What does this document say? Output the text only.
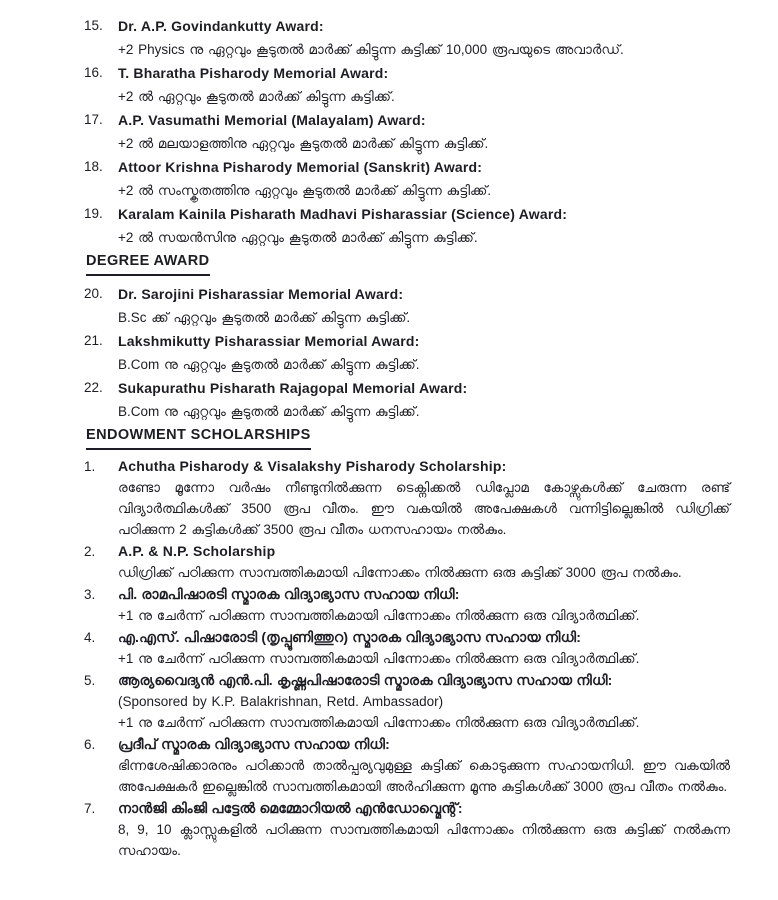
15.	Dr. A.P. Govindankutty Award:

+2 Physics നു ഏറ്റവും കൂടുതൽ മാർക്ക് കിട്ടുന്ന കുട്ടിക്ക് 10,000 രൂപയുടെ അവാർഡ്.

16.	T. Bharatha Pisharody Memorial Award:

+2 ൽ ഏറ്റവും കൂടുതൽ മാർക്ക് കിട്ടുന്ന കുട്ടിക്ക്.

17.	A.P. Vasumathi Memorial (Malayalam) Award:

+2 ൽ മലയാളത്തിനു ഏറ്റവും കൂടുതൽ മാർക്ക് കിട്ടുന്ന കുട്ടിക്ക്.

18.	Attoor Krishna Pisharody Memorial (Sanskrit) Award:

+2 ൽ സംസ്കൃതത്തിനു ഏറ്റവും കൂടുതൽ മാർക്ക് കിട്ടുന്ന കുട്ടിക്ക്.

19.	Karalam Kainila Pisharath Madhavi Pisharassiar (Science) Award:

+2 ൽ സയൻസിനു ഏറ്റവും കൂടുതൽ മാർക്ക് കിട്ടുന്ന കുട്ടിക്ക്.

DEGREE AWARD
20.	Dr. Sarojini Pisharassiar Memorial Award:

B.Sc ക്ക് ഏറ്റവും കൂടുതൽ മാർക്ക് കിട്ടുന്ന കുട്ടിക്ക്.

21.	Lakshmikutty Pisharassiar Memorial Award:

B.Com നു ഏറ്റവും കൂടുതൽ മാർക്ക് കിട്ടുന്ന കുട്ടിക്ക്.

22.	Sukapurathu Pisharath Rajagopal Memorial Award:

B.Com നു ഏറ്റവും കൂടുതൽ മാർക്ക് കിട്ടുന്ന കുട്ടിക്ക്.

ENDOWMENT SCHOLARSHIPS
1.	Achutha Pisharody & Visalakshy Pisharody Scholarship:

രണ്ടോ മൂന്നോ വർഷം നീണ്ടുനിൽക്കുന്ന ടെക്നിക്കൽ ഡിപ്ലോമ കോഴ്സുകൾക്ക് ചേരുന്ന രണ്ട് വിദ്യാർത്ഥികൾക്ക് 3500 രൂപ വീതം. ഈ വകയിൽ അപേക്ഷകൾ വന്നിട്ടില്ലെങ്കിൽ ഡിഗ്രിക്ക് പഠിക്കുന്ന 2 കുട്ടികൾക്ക് 3500 രൂപ വീതം ധനസഹായം നൽകും.

2.	A.P. & N.P. Scholarship

ഡിഗ്രിക്ക് പഠിക്കുന്ന സാമ്പത്തികമായി പിന്നോക്കം നിൽക്കുന്ന ഒരു കുട്ടിക്ക് 3000 രൂപ നൽകും.

3.	പി. രാമപിഷാരടി സ്മാരക വിദ്യാഭ്യാസ സഹായ നിധി:

+1 നു ചേർന്ന് പഠിക്കുന്ന സാമ്പത്തികമായി പിന്നോക്കം നിൽക്കുന്ന ഒരു വിദ്യാർത്ഥിക്ക്.

4.	എ.എസ്. പിഷാരോടി (തൃപ്പൂണിത്തുറ) സ്മാരക വിദ്യാഭ്യാസ സഹായ നിധി:

+1 നു ചേർന്ന് പഠിക്കുന്ന സാമ്പത്തികമായി പിന്നോക്കം നിൽക്കുന്ന ഒരു വിദ്യാർത്ഥിക്ക്.

5.	ആര്യവൈദ്യൻ എൻ.പി. കൃഷ്ണപിഷാരോടി സ്മാരക വിദ്യാഭ്യാസ സഹായ നിധി:

(Sponsored by K.P. Balakrishnan, Retd. Ambassador)

+1 നു ചേർന്ന് പഠിക്കുന്ന സാമ്പത്തികമായി പിന്നോക്കം നിൽക്കുന്ന ഒരു വിദ്യാർത്ഥിക്ക്.

6.	പ്രദീപ് സ്മാരക വിദ്യാഭ്യാസ സഹായ നിധി:

ഭിന്നശേഷിക്കാരനും പഠിക്കാൻ താൽപ്പര്യവുമുള്ള കുട്ടിക്ക് കൊടുക്കുന്ന സഹായനിധി. ഈ വകയിൽ അപേക്ഷകർ ഇല്ലെങ്കിൽ സാമ്പത്തികമായി അർഹിക്കുന്ന മൂന്നു കുട്ടികൾക്ക് 3000 രൂപ വീതം നൽകും.

7.	നാൻജി കിംജി പട്ടേൽ മെമ്മോറിയൽ എൻഡോവ്മെന്റ്:

8, 9, 10 ക്ലാസ്സുകളിൽ പഠിക്കുന്ന സാമ്പത്തികമായി പിന്നോക്കം നിൽക്കുന്ന ഒരു കുട്ടിക്ക് നൽകുന്ന സഹായം.
